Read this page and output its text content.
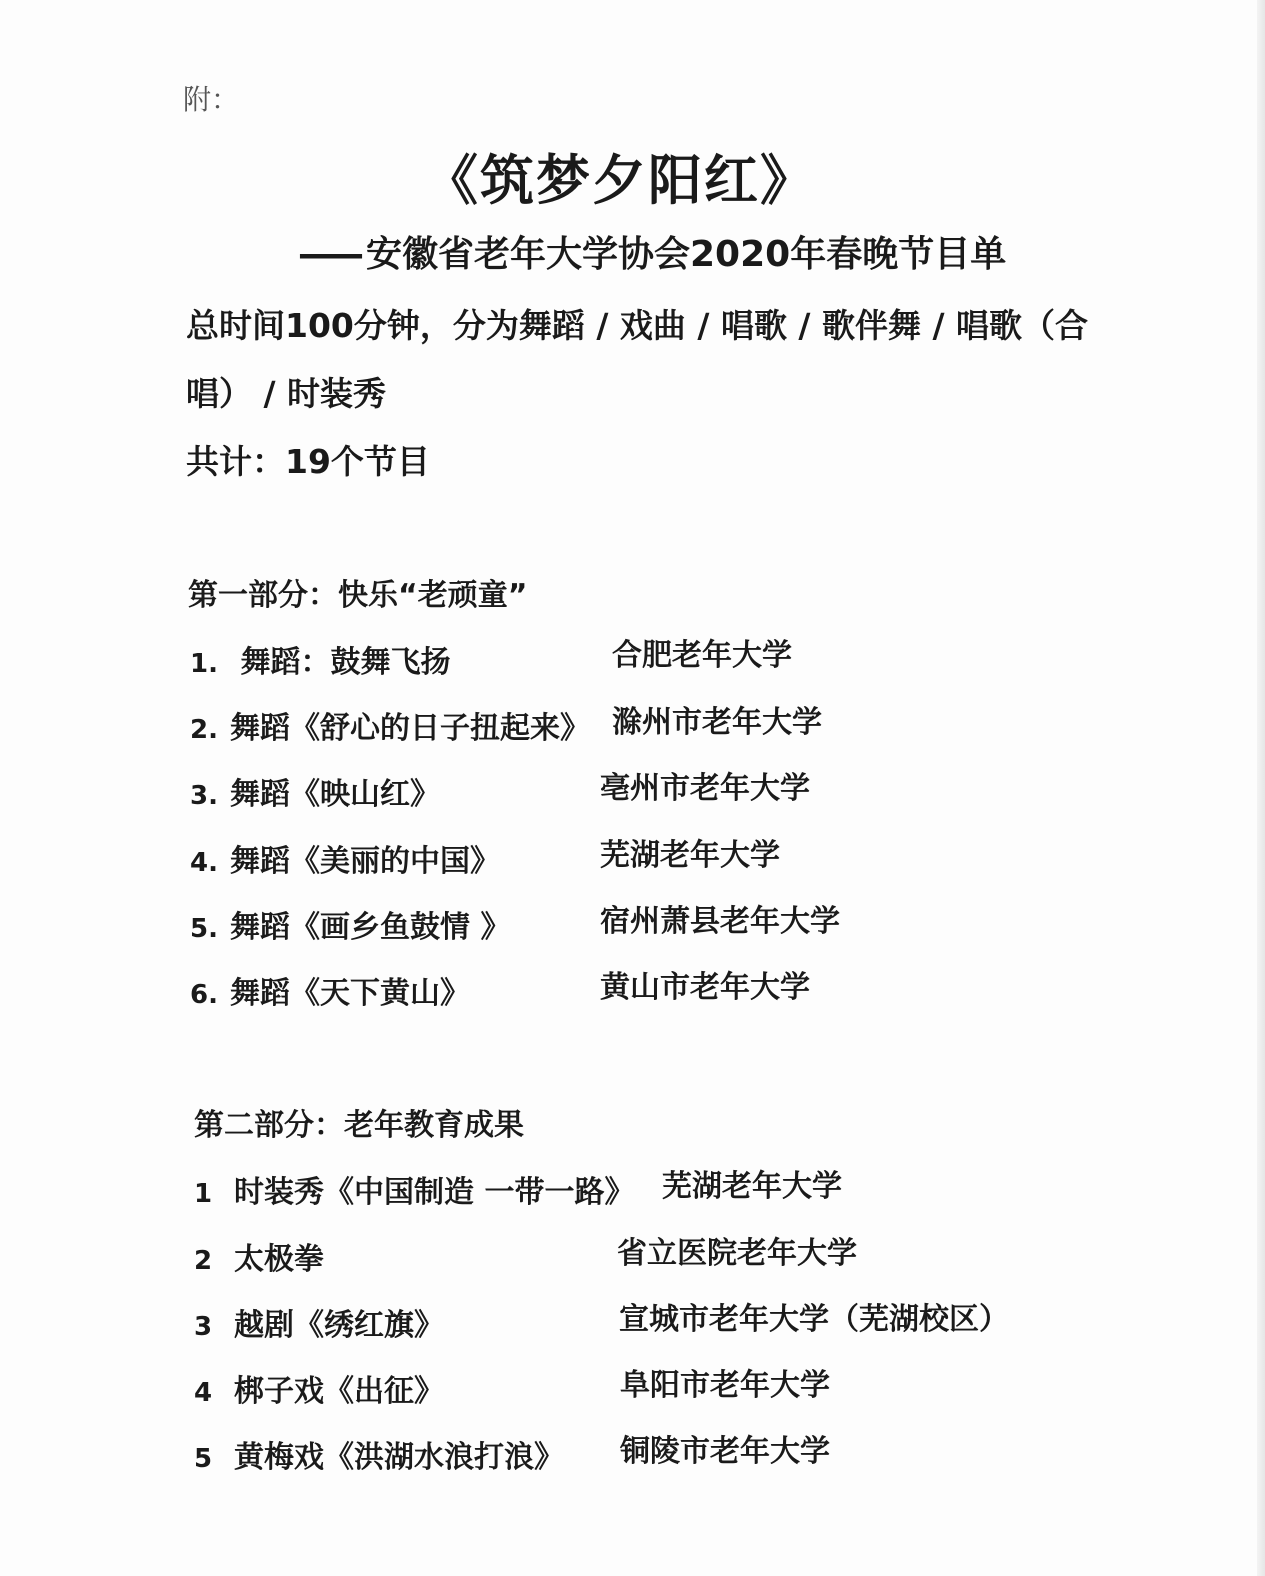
附：
《筑梦夕阳红》
—— 安徽省老年大学协会2020年春晚节目单
总时间100分钟，分为舞蹈 / 戏曲 / 唱歌 / 歌伴舞 / 唱歌（合
唱） / 时装秀
共计：19个节目
第一部分：快乐“老顽童”
1. 舞蹈：鼓舞飞扬	合肥老年大学
2. 舞蹈《舒心的日子扭起来》 滁州市老年大学
3. 舞蹈《映山红》	亳州市老年大学
4. 舞蹈《美丽的中国》	芜湖老年大学
5. 舞蹈《画乡鱼鼓情 》	宿州萧县老年大学
6. 舞蹈《天下黄山》	黄山市老年大学
第二部分：老年教育成果
1 时装秀《中国制造 一带一路》 芜湖老年大学
2 太极拳	省立医院老年大学
3 越剧《绣红旗》	宣城市老年大学（芜湖校区）
4 梆子戏《出征》	阜阳市老年大学
5 黄梅戏《洪湖水浪打浪》 铜陵市老年大学
